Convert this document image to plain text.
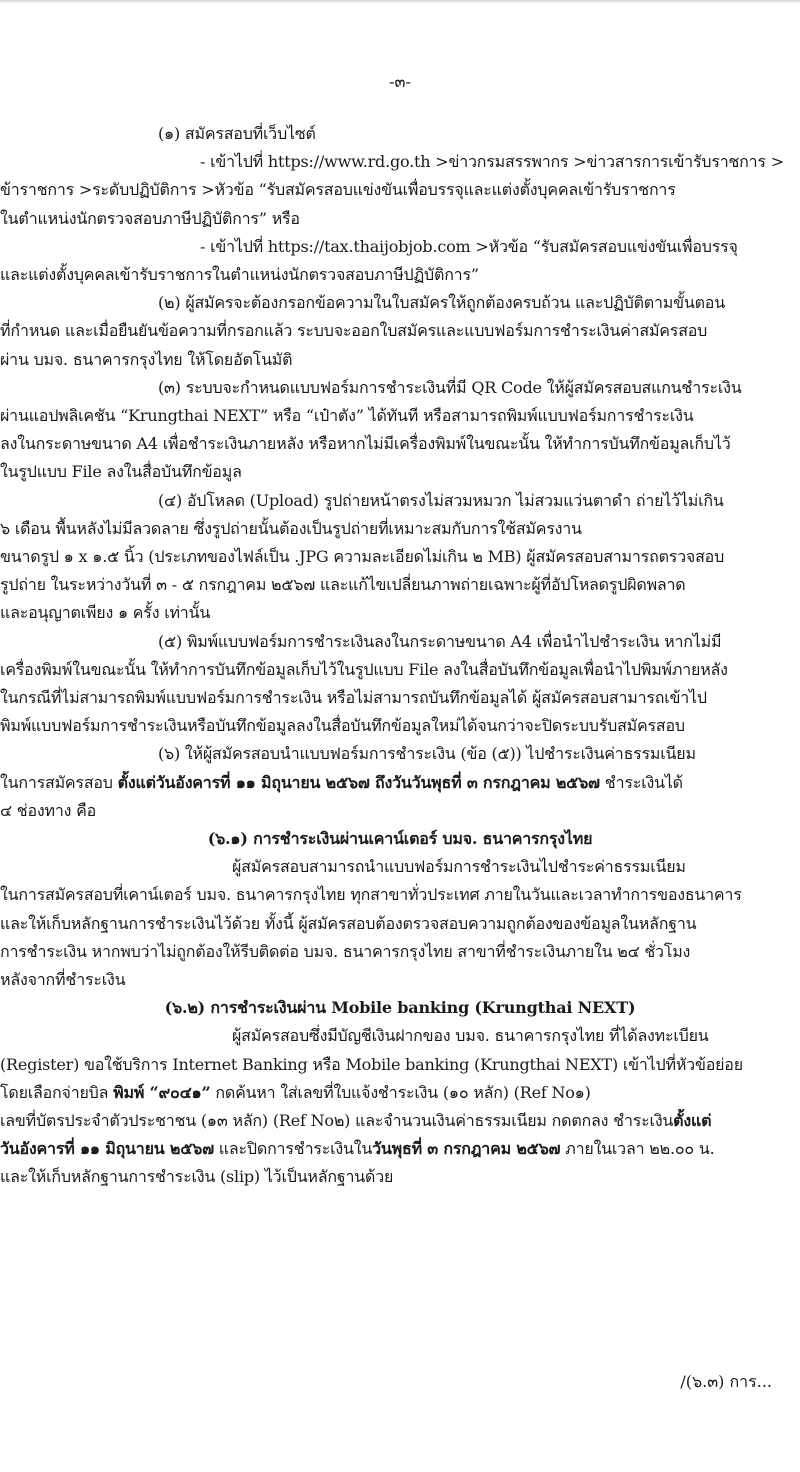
-๓-
(๑) สมัครสอบที่เว็บไซต์
- เข้าไปที่ https://www.rd.go.th >ข่าวกรมสรรพากร >ข่าวสารการเข้ารับราชการ >
ข้าราชการ >ระดับปฏิบัติการ >หัวข้อ “รับสมัครสอบแข่งขันเพื่อบรรจุและแต่งตั้งบุคคลเข้ารับราชการ
ในตำแหน่งนักตรวจสอบภาษีปฏิบัติการ” หรือ
- เข้าไปที่ https://tax.thaijobjob.com >หัวข้อ “รับสมัครสอบแข่งขันเพื่อบรรจุ
และแต่งตั้งบุคคลเข้ารับราชการในตำแหน่งนักตรวจสอบภาษีปฏิบัติการ”
(๒) ผู้สมัครจะต้องกรอกข้อความในใบสมัครให้ถูกต้องครบถ้วน และปฏิบัติตามขั้นตอน
ที่กำหนด และเมื่อยืนยันข้อความที่กรอกแล้ว ระบบจะออกใบสมัครและแบบฟอร์มการชำระเงินค่าสมัครสอบ
ผ่าน บมจ. ธนาคารกรุงไทย ให้โดยอัตโนมัติ
(๓) ระบบจะกำหนดแบบฟอร์มการชำระเงินที่มี QR Code ให้ผู้สมัครสอบสแกนชำระเงิน
ผ่านแอปพลิเคชัน “Krungthai NEXT” หรือ “เป๋าตัง” ได้ทันที หรือสามารถพิมพ์แบบฟอร์มการชำระเงิน
ลงในกระดาษขนาด A4 เพื่อชำระเงินภายหลัง หรือหากไม่มีเครื่องพิมพ์ในขณะนั้น ให้ทำการบันทึกข้อมูลเก็บไว้
ในรูปแบบ File ลงในสื่อบันทึกข้อมูล
(๔) อัปโหลด (Upload) รูปถ่ายหน้าตรงไม่สวมหมวก ไม่สวมแว่นตาดำ ถ่ายไว้ไม่เกิน
๖ เดือน พื้นหลังไม่มีลวดลาย ซึ่งรูปถ่ายนั้นต้องเป็นรูปถ่ายที่เหมาะสมกับการใช้สมัครงาน
ขนาดรูป ๑ x ๑.๕ นิ้ว (ประเภทของไฟล์เป็น .JPG ความละเอียดไม่เกิน ๒ MB) ผู้สมัครสอบสามารถตรวจสอบ
รูปถ่าย ในระหว่างวันที่ ๓ - ๕ กรกฎาคม ๒๕๖๗ และแก้ไขเปลี่ยนภาพถ่ายเฉพาะผู้ที่อัปโหลดรูปผิดพลาด
และอนุญาตเพียง ๑ ครั้ง เท่านั้น
(๕) พิมพ์แบบฟอร์มการชำระเงินลงในกระดาษขนาด A4 เพื่อนำไปชำระเงิน หากไม่มี
เครื่องพิมพ์ในขณะนั้น ให้ทำการบันทึกข้อมูลเก็บไว้ในรูปแบบ File ลงในสื่อบันทึกข้อมูลเพื่อนำไปพิมพ์ภายหลัง
ในกรณีที่ไม่สามารถพิมพ์แบบฟอร์มการชำระเงิน หรือไม่สามารถบันทึกข้อมูลได้ ผู้สมัครสอบสามารถเข้าไป
พิมพ์แบบฟอร์มการชำระเงินหรือบันทึกข้อมูลลงในสื่อบันทึกข้อมูลใหม่ได้จนกว่าจะปิดระบบรับสมัครสอบ
(๖) ให้ผู้สมัครสอบนำแบบฟอร์มการชำระเงิน (ข้อ (๕)) ไปชำระเงินค่าธรรมเนียม
ในการสมัครสอบ ตั้งแต่วันอังคารที่ ๑๑ มิถุนายน ๒๕๖๗ ถึงวันวันพุธที่ ๓ กรกฎาคม ๒๕๖๗ ชำระเงินได้
๔ ช่องทาง คือ
(๖.๑) การชำระเงินผ่านเคาน์เตอร์ บมจ. ธนาคารกรุงไทย
ผู้สมัครสอบสามารถนำแบบฟอร์มการชำระเงินไปชำระค่าธรรมเนียม
ในการสมัครสอบที่เคาน์เตอร์ บมจ. ธนาคารกรุงไทย ทุกสาขาทั่วประเทศ ภายในวันและเวลาทำการของธนาคาร
และให้เก็บหลักฐานการชำระเงินไว้ด้วย ทั้งนี้ ผู้สมัครสอบต้องตรวจสอบความถูกต้องของข้อมูลในหลักฐาน
การชำระเงิน หากพบว่าไม่ถูกต้องให้รีบติดต่อ บมจ. ธนาคารกรุงไทย สาขาที่ชำระเงินภายใน ๒๔ ชั่วโมง
หลังจากที่ชำระเงิน
(๖.๒) การชำระเงินผ่าน Mobile banking (Krungthai NEXT)
ผู้สมัครสอบซึ่งมีบัญชีเงินฝากของ บมจ. ธนาคารกรุงไทย ที่ได้ลงทะเบียน
(Register) ขอใช้บริการ Internet Banking หรือ Mobile banking (Krungthai NEXT) เข้าไปที่หัวข้อย่อย
โดยเลือกจ่ายบิล พิมพ์ “๙๐๔๑” กดค้นหา ใส่เลขที่ใบแจ้งชำระเงิน (๑๐ หลัก) (Ref No๑)
เลขที่บัตรประจำตัวประชาชน (๑๓ หลัก) (Ref No๒) และจำนวนเงินค่าธรรมเนียม กดตกลง ชำระเงินตั้งแต่
วันอังคารที่ ๑๑ มิถุนายน ๒๕๖๗ และปิดการชำระเงินในวันพุธที่ ๓ กรกฎาคม ๒๕๖๗ ภายในเวลา ๒๒.๐๐ น.
และให้เก็บหลักฐานการชำระเงิน (slip) ไว้เป็นหลักฐานด้วย
/(๖.๓) การ...
